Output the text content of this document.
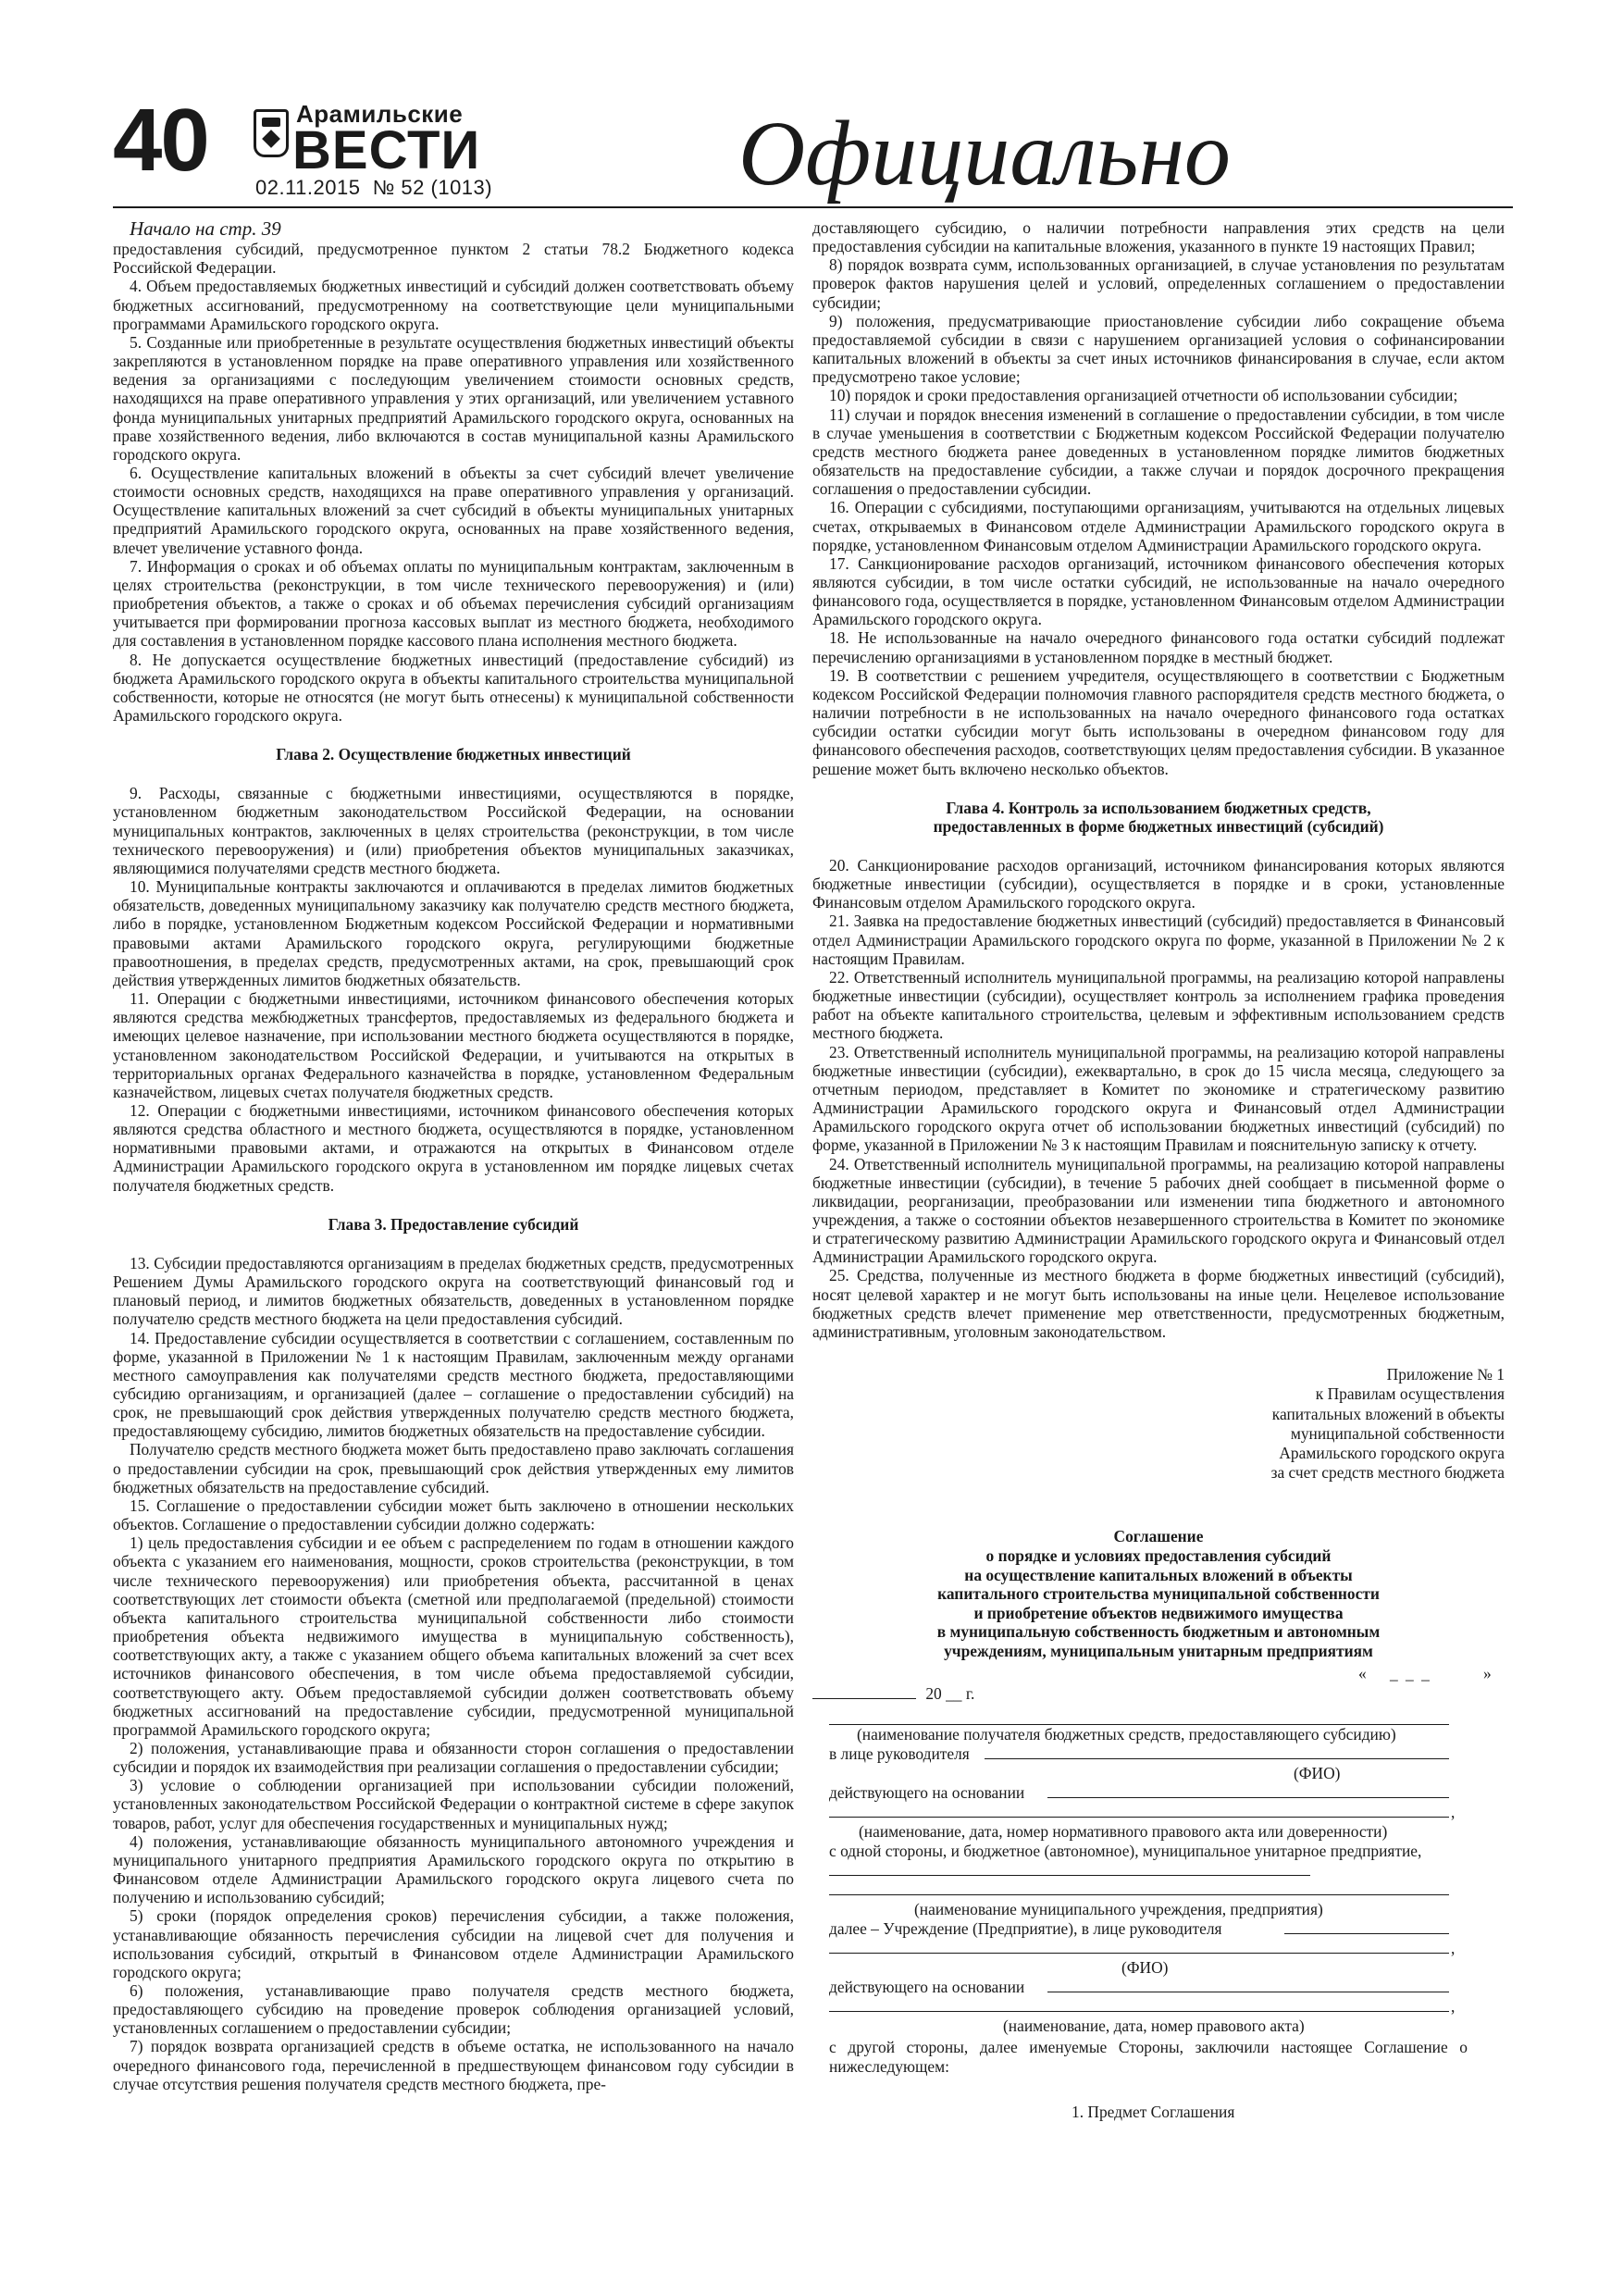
40	Арамильские
ВЕСТИ
02.11.2015 № 52 (1013)	Официально

Начало на стр. 39

предоставления субсидий, предусмотренное пунктом 2 статьи 78.2 Бюджетного кодекса Российской Федерации.

4. Объем предоставляемых бюджетных инвестиций и субсидий должен соответствовать объему бюджетных ассигнований, предусмотренному на соответствующие цели муниципальными программами Арамильского городского округа.

5. Созданные или приобретенные в результате осуществления бюджетных инвестиций объекты закрепляются в установленном порядке на праве оперативного управления или хозяйственного ведения за организациями с последующим увеличением стоимости основных средств, находящихся на праве оперативного управления у этих организаций, или увеличением уставного фонда муниципальных унитарных предприятий Арамильского городского округа, основанных на праве хозяйственного ведения, либо включаются в состав муниципальной казны Арамильского городского округа.

6. Осуществление капитальных вложений в объекты за счет субсидий влечет увеличение стоимости основных средств, находящихся на праве оперативного управления у организаций. Осуществление капитальных вложений за счет субсидий в объекты муниципальных унитарных предприятий Арамильского городского округа, основанных на праве хозяйственного ведения, влечет увеличение уставного фонда.

7. Информация о сроках и об объемах оплаты по муниципальным контрактам, заключенным в целях строительства (реконструкции, в том числе технического перевооружения) и (или) приобретения объектов, а также о сроках и об объемах перечисления субсидий организациям учитывается при формировании прогноза кассовых выплат из местного бюджета, необходимого для составления в установленном порядке кассового плана исполнения местного бюджета.

8. Не допускается осуществление бюджетных инвестиций (предоставление субсидий) из бюджета Арамильского городского округа в объекты капитального строительства муниципальной собственности, которые не относятся (не могут быть отнесены) к муниципальной собственности Арамильского городского округа.

Глава 2. Осуществление бюджетных инвестиций

9. Расходы, связанные с бюджетными инвестициями, осуществляются в порядке, установленном бюджетным законодательством Российской Федерации, на основании муниципальных контрактов, заключенных в целях строительства (реконструкции, в том числе технического перевооружения) и (или) приобретения объектов муниципальных заказчиках, являющимися получателями средств местного бюджета.

10. Муниципальные контракты заключаются и оплачиваются в пределах лимитов бюджетных обязательств, доведенных муниципальному заказчику как получателю средств местного бюджета, либо в порядке, установленном Бюджетным кодексом Российской Федерации и нормативными правовыми актами Арамильского городского округа, регулирующими бюджетные правоотношения, в пределах средств, предусмотренных актами, на срок, превышающий срок действия утвержденных лимитов бюджетных обязательств.

11. Операции с бюджетными инвестициями, источником финансового обеспечения которых являются средства межбюджетных трансфертов, предоставляемых из федерального бюджета и имеющих целевое назначение, при использовании местного бюджета осуществляются в порядке, установленном законодательством Российской Федерации, и учитываются на открытых в территориальных органах Федерального казначейства в порядке, установленном Федеральным казначейством, лицевых счетах получателя бюджетных средств.

12. Операции с бюджетными инвестициями, источником финансового обеспечения которых являются средства областного и местного бюджета, осуществляются в порядке, установленном нормативными правовыми актами, и отражаются на открытых в Финансовом отделе Администрации Арамильского городского округа в установленном им порядке лицевых счетах получателя бюджетных средств.

Глава 3. Предоставление субсидий

13. Субсидии предоставляются организациям в пределах бюджетных средств, предусмотренных Решением Думы Арамильского городского округа на соответствующий финансовый год и плановый период, и лимитов бюджетных обязательств, доведенных в установленном порядке получателю средств местного бюджета на цели предоставления субсидий.

14. Предоставление субсидии осуществляется в соответствии с соглашением, составленным по форме, указанной в Приложении № 1 к настоящим Правилам, заключенным между органами местного самоуправления как получателями средств местного бюджета, предоставляющими субсидию организациям, и организацией (далее – соглашение о предоставлении субсидий) на срок, не превышающий срок действия утвержденных получателю средств местного бюджета, предоставляющему субсидию, лимитов бюджетных обязательств на предоставление субсидии.

Получателю средств местного бюджета может быть предоставлено право заключать соглашения о предоставлении субсидии на срок, превышающий срок действия утвержденных ему лимитов бюджетных обязательств на предоставление субсидий.

15. Соглашение о предоставлении субсидии может быть заключено в отношении нескольких объектов. Соглашение о предоставлении субсидии должно содержать:

1) цель предоставления субсидии и ее объем с распределением по годам в отношении каждого объекта с указанием его наименования, мощности, сроков строительства (реконструкции, в том числе технического перевооружения) или приобретения объекта, рассчитанной в ценах соответствующих лет стоимости объекта (сметной или предполагаемой (предельной) стоимости объекта капитального строительства муниципальной собственности либо стоимости приобретения объекта недвижимого имущества в муниципальную собственность), соответствующих акту, а также с указанием общего объема капитальных вложений за счет всех источников финансового обеспечения, в том числе объема предоставляемой субсидии, соответствующего акту. Объем предоставляемой субсидии должен соответствовать объему бюджетных ассигнований на предоставление субсидии, предусмотренной муниципальной программой Арамильского городского округа;

2) положения, устанавливающие права и обязанности сторон соглашения о предоставлении субсидии и порядок их взаимодействия при реализации соглашения о предоставлении субсидии;

3) условие о соблюдении организацией при использовании субсидии положений, установленных законодательством Российской Федерации о контрактной системе в сфере закупок товаров, работ, услуг для обеспечения государственных и муниципальных нужд;

4) положения, устанавливающие обязанность муниципального автономного учреждения и муниципального унитарного предприятия Арамильского городского округа по открытию в Финансовом отделе Администрации Арамильского городского округа лицевого счета по получению и использованию субсидий;

5) сроки (порядок определения сроков) перечисления субсидии, а также положения, устанавливающие обязанность перечисления субсидии на лицевой счет для получения и использования субсидий, открытый в Финансовом отделе Администрации Арамильского городского округа;

6) положения, устанавливающие право получателя средств местного бюджета, предоставляющего субсидию на проведение проверок соблюдения организацией условий, установленных соглашением о предоставлении субсидии;

7) порядок возврата организацией средств в объеме остатка, не использованного на начало очередного финансового года, перечисленной в предшествующем финансовом году субсидии в случае отсутствия решения получателя средств местного бюджета, пре-

доставляющего субсидию, о наличии потребности направления этих средств на цели предоставления субсидии на капитальные вложения, указанного в пункте 19 настоящих Правил;

8) порядок возврата сумм, использованных организацией, в случае установления по результатам проверок фактов нарушения целей и условий, определенных соглашением о предоставлении субсидии;

9) положения, предусматривающие приостановление субсидии либо сокращение объема предоставляемой субсидии в связи с нарушением организацией условия о софинансировании капитальных вложений в объекты за счет иных источников финансирования в случае, если актом предусмотрено такое условие;

10) порядок и сроки предоставления организацией отчетности об использовании субсидии;

11) случаи и порядок внесения изменений в соглашение о предоставлении субсидии, в том числе в случае уменьшения в соответствии с Бюджетным кодексом Российской Федерации получателю средств местного бюджета ранее доведенных в установленном порядке лимитов бюджетных обязательств на предоставление субсидии, а также случаи и порядок досрочного прекращения соглашения о предоставлении субсидии.

16. Операции с субсидиями, поступающими организациям, учитываются на отдельных лицевых счетах, открываемых в Финансовом отделе Администрации Арамильского городского округа в порядке, установленном Финансовым отделом Администрации Арамильского городского округа.

17. Санкционирование расходов организаций, источником финансового обеспечения которых являются субсидии, в том числе остатки субсидий, не использованные на начало очередного финансового года, осуществляется в порядке, установленном Финансовым отделом Администрации Арамильского городского округа.

18. Не использованные на начало очередного финансового года остатки субсидий подлежат перечислению организациями в установленном порядке в местный бюджет.

19. В соответствии с решением учредителя, осуществляющего в соответствии с Бюджетным кодексом Российской Федерации полномочия главного распорядителя средств местного бюджета, о наличии потребности в не использованных на начало очередного финансового года остатках субсидии остатки субсидии могут быть использованы в очередном финансовом году для финансового обеспечения расходов, соответствующих целям предоставления субсидии. В указанное решение может быть включено несколько объектов.

Глава 4. Контроль за использованием бюджетных средств,
предоставленных в форме бюджетных инвестиций (субсидий)

20. Санкционирование расходов организаций, источником финансирования которых являются бюджетные инвестиции (субсидии), осуществляется в порядке и в сроки, установленные Финансовым отделом Арамильского городского округа.

21. Заявка на предоставление бюджетных инвестиций (субсидий) предоставляется в Финансовый отдел Администрации Арамильского городского округа по форме, указанной в Приложении № 2 к настоящим Правилам.

22. Ответственный исполнитель муниципальной программы, на реализацию которой направлены бюджетные инвестиции (субсидии), осуществляет контроль за исполнением графика проведения работ на объекте капитального строительства, целевым и эффективным использованием средств местного бюджета.

23. Ответственный исполнитель муниципальной программы, на реализацию которой направлены бюджетные инвестиции (субсидии), ежеквартально, в срок до 15 числа месяца, следующего за отчетным периодом, представляет в Комитет по экономике и стратегическому развитию Администрации Арамильского городского округа и Финансовый отдел Администрации Арамильского городского округа отчет об использовании бюджетных инвестиций (субсидий) по форме, указанной в Приложении № 3 к настоящим Правилам и пояснительную записку к отчету.

24. Ответственный исполнитель муниципальной программы, на реализацию которой направлены бюджетные инвестиции (субсидии), в течение 5 рабочих дней сообщает в письменной форме о ликвидации, реорганизации, преобразовании или изменении типа бюджетного и автономного учреждения, а также о состоянии объектов незавершенного строительства в Комитет по экономике и стратегическому развитию Администрации Арамильского городского округа и Финансовый отдел Администрации Арамильского городского округа.

25. Средства, полученные из местного бюджета в форме бюджетных инвестиций (субсидий), носят целевой характер и не могут быть использованы на иные цели. Нецелевое использование бюджетных средств влечет применение мер ответственности, предусмотренных бюджетным, административным, уголовным законодательством.

Приложение № 1
к Правилам осуществления
капитальных вложений в объекты
муниципальной собственности
Арамильского городского округа
за счет средств местного бюджета
Соглашение
о порядке и условиях предоставления субсидий
на осуществление капитальных вложений в объекты
капитального строительства муниципальной собственности
и приобретение объектов недвижимого имущества
в муниципальную собственность бюджетным и автономным
учреждениям, муниципальным унитарным предприятиям
« _ _ _	»
20 __ г.
(наименование получателя бюджетных средств, предоставляющего субсидию)
в лице руководителя
(ФИО)
действующего на основании
,
(наименование, дата, номер нормативного правового акта или доверенности)
с одной стороны, и бюджетное (автономное), муниципальное унитарное предприятие,
(наименование муниципального учреждения, предприятия)
далее – Учреждение (Предприятие), в лице руководителя
,
(ФИО)
действующего на основании
,
(наименование, дата, номер правового акта)
с другой стороны, далее именуемые Стороны, заключили настоящее Соглашение о нижеследующем:
1. Предмет Соглашения
